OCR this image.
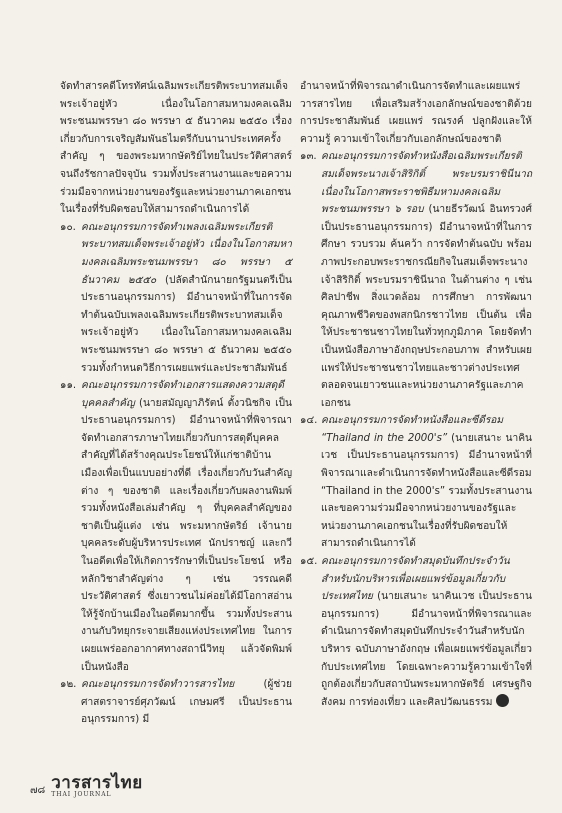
จัดทำสารคดีโทรทัศน์เฉลิมพระเกียรติพระบาทสมเด็จพระเจ้าอยู่หัว เนื่องในโอกาสมหามงคลเฉลิมพระชนมพรรษา ๘๐ พรรษา ๕ ธันวาคม ๒๕๕๐ เรื่องเกี่ยวกับการเจริญสัมพันธไมตรีกับนานาประเทศครั้งสำคัญ ๆ ของพระมหากษัตริย์ไทยในประวัติศาสตร์จนถึงรัชกาลปัจจุบัน รวมทั้งประสานงานและขอความร่วมมือจากหน่วยงานของรัฐและหน่วยงานภาคเอกชน ในเรื่องที่รับผิดชอบให้สามารถดำเนินการได้

๑๐. คณะอนุกรรมการจัดทำเพลงเฉลิมพระเกียรติพระบาทสมเด็จพระเจ้าอยู่หัว เนื่องในโอกาสมหามงคลเฉลิมพระชนมพรรษา ๘๐ พรรษา ๕ ธันวาคม ๒๕๕๐ (ปลัดสำนักนายกรัฐมนตรีเป็นประธานอนุกรรมการ) มีอำนาจหน้าที่ในการจัดทำต้นฉบับเพลงเฉลิมพระเกียรติพระบาทสมเด็จพระเจ้าอยู่หัว เนื่องในโอกาสมหามงคลเฉลิมพระชนมพรรษา ๘๐ พรรษา ๕ ธันวาคม ๒๕๕๐ รวมทั้งกำหนดวิธีการเผยแพร่และประชาสัมพันธ์
๑๑. คณะอนุกรรมการจัดทำเอกสารแสดงความสดุดีบุคคลสำคัญ (นายสมัญญาภิรัตน์ ตั้งวนิชกิจ เป็นประธานอนุกรรมการ) มีอำนาจหน้าที่พิจารณาจัดทำเอกสารภาษาไทยเกี่ยวกับการสดุดีบุคคลสำคัญที่ได้สร้างคุณประโยชน์ให้แก่ชาติบ้านเมืองเพื่อเป็นแบบอย่างที่ดี เรื่องเกี่ยวกับวันสำคัญต่าง ๆ ของชาติ และเรื่องเกี่ยวกับผลงานพิมพ์ รวมทั้งหนังสือเล่มสำคัญ ๆ ที่บุคคลสำคัญของชาติเป็นผู้แต่ง เช่น พระมหากษัตริย์ เจ้านาย บุคคลระดับผู้บริหารประเทศ นักปราชญ์ และกวีในอดีตเพื่อให้เกิดการรักษาที่เป็นประโยชน์ หรือหลักวิชาสำคัญต่าง ๆ เช่น วรรณคดี ประวัติศาสตร์ ซึ่งเยาวชนไม่ค่อยได้มีโอกาสอ่านให้รู้จักบ้านเมืองในอดีตมากขึ้น รวมทั้งประสานงานกับวิทยุกระจายเสียงแห่งประเทศไทย ในการเผยแพร่ออกอากาศทางสถานีวิทยุ แล้วจัดพิมพ์เป็นหนังสือ
๑๒. คณะอนุกรรมการจัดทำวารสารไทย (ผู้ช่วยศาสตราจารย์ศุภวัฒน์ เกษมศรี เป็นประธานอนุกรรมการ) มี

อำนาจหน้าที่พิจารณาดำเนินการจัดทำและเผยแพร่วารสารไทย เพื่อเสริมสร้างเอกลักษณ์ของชาติด้วยการประชาสัมพันธ์ เผยแพร่ รณรงค์ ปลูกฝังและให้ความรู้ ความเข้าใจเกี่ยวกับเอกลักษณ์ของชาติ

๑๓. คณะอนุกรรมการจัดทำหนังสือเฉลิมพระเกียรติสมเด็จพระนางเจ้าสิริกิติ์ พระบรมราชินีนาถ เนื่องในโอกาสพระราชพิธีมหามงคลเฉลิมพระชนมพรรษา ๖ รอบ (นายธีรวัฒน์ อินทรวงศ์ เป็นประธานอนุกรรมการ) มีอำนาจหน้าที่ในการศึกษา รวบรวม ค้นคว้า การจัดทำต้นฉบับ พร้อมภาพประกอบพระราชกรณียกิจในสมเด็จพระนางเจ้าสิริกิติ์ พระบรมราชินีนาถ ในด้านต่าง ๆ เช่น ศิลปาชีพ สิ่งแวดล้อม การศึกษา การพัฒนาคุณภาพชีวิตของพสกนิกรชาวไทย เป็นต้น เพื่อให้ประชาชนชาวไทยในทั่วทุกภูมิภาค โดยจัดทำเป็นหนังสือภาษาอังกฤษประกอบภาพ สำหรับเผยแพร่ให้ประชาชนชาวไทยและชาวต่างประเทศ ตลอดจนเยาวชนและหน่วยงานภาครัฐและภาคเอกชน
๑๔. คณะอนุกรรมการจัดทำหนังสือและซีดีรอม “Thailand in the 2000's” (นายเสนาะ นาคินเวช เป็นประธานอนุกรรมการ) มีอำนาจหน้าที่พิจารณาและดำเนินการจัดทำหนังสือและซีดีรอม “Thailand in the 2000's” รวมทั้งประสานงานและขอความร่วมมือจากหน่วยงานของรัฐและหน่วยงานภาคเอกชนในเรื่องที่รับผิดชอบให้สามารถดำเนินการได้
๑๕. คณะอนุกรรมการจัดทำสมุดบันทึกประจำวันสำหรับนักบริหารเพื่อเผยแพร่ข้อมูลเกี่ยวกับประเทศไทย (นายเสนาะ นาคินเวช เป็นประธานอนุกรรมการ) มีอำนาจหน้าที่พิจารณาและดำเนินการจัดทำสมุดบันทึกประจำวันสำหรับนักบริหาร ฉบับภาษาอังกฤษ เพื่อเผยแพร่ข้อมูลเกี่ยวกับประเทศไทย โดยเฉพาะความรู้ความเข้าใจที่ถูกต้องเกี่ยวกับสถาบันพระมหากษัตริย์ เศรษฐกิจ สังคม การท่องเที่ยว และศิลปวัฒนธรรม
๗๘ วารสารไทย
THAI JOURNAL
